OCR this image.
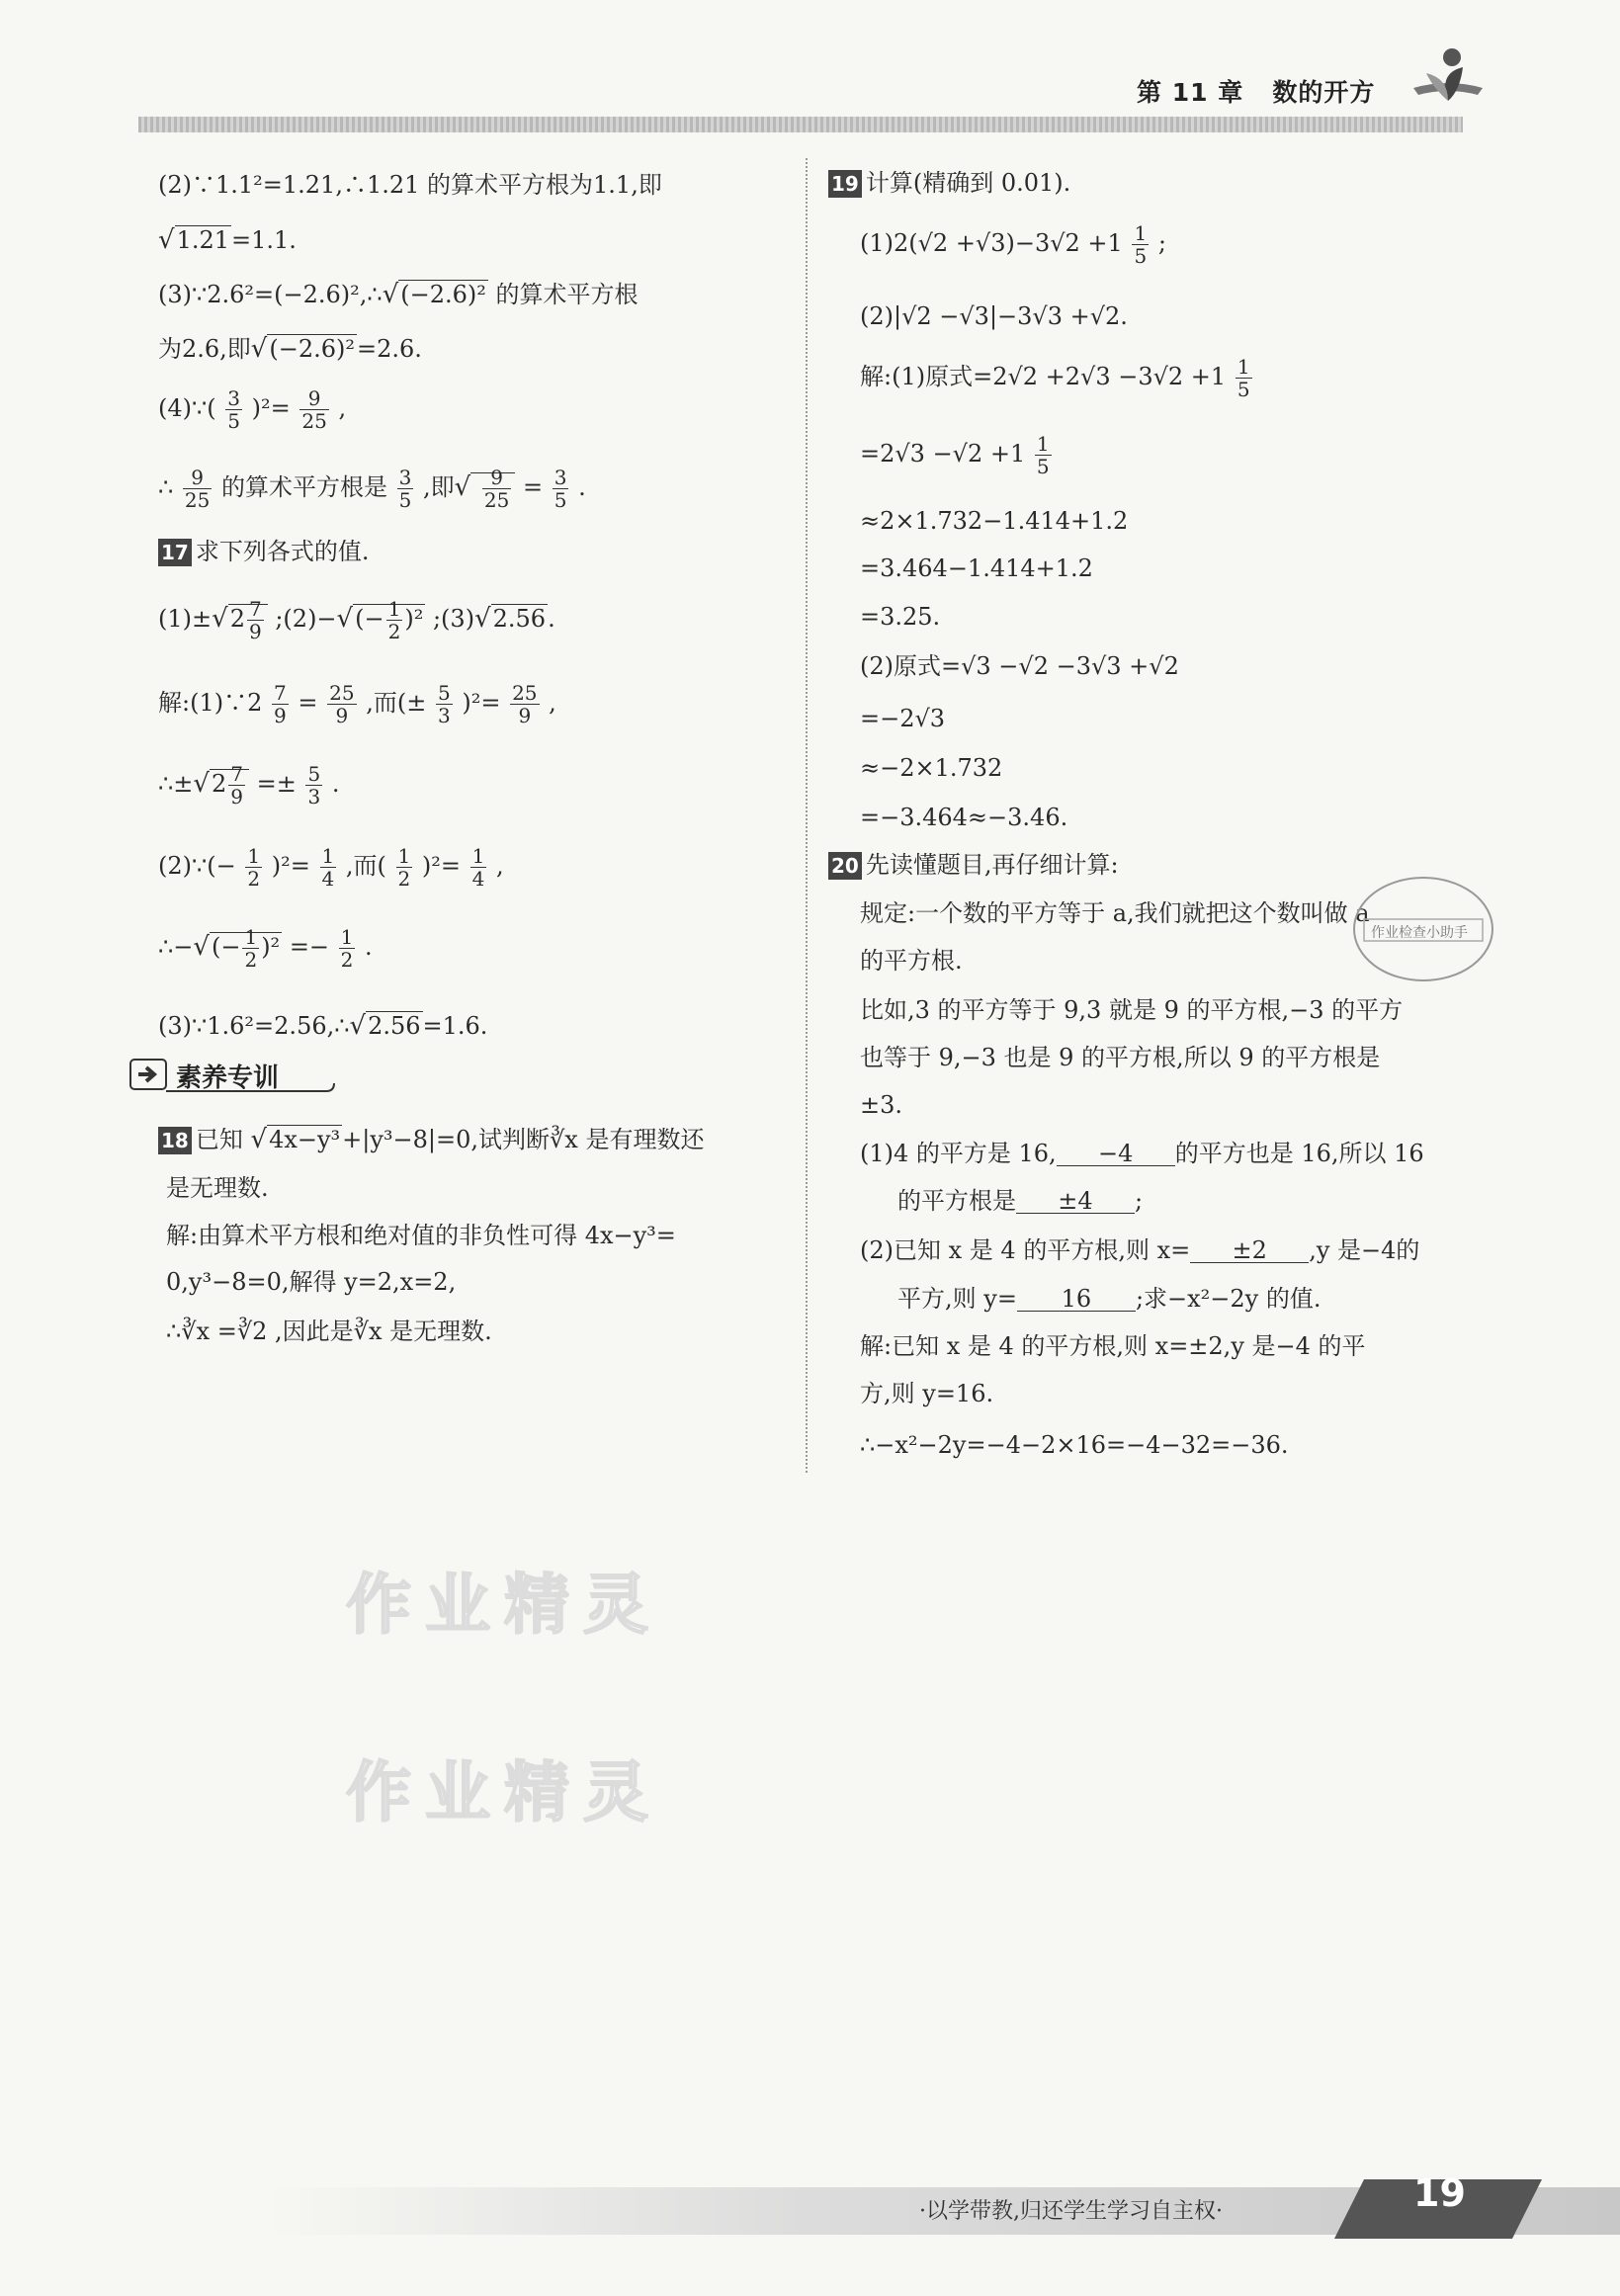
第 11 章 数的开方
作业精灵
作业精灵
(2)∵1.1²=1.21,∴1.21 的算术平方根为1.1,即
√1.21=1.1.
(3)∵2.6²=(−2.6)²,∴√(−2.6)² 的算术平方根
为2.6,即√(−2.6)²=2.6.
(4)∵( $\frac{3}{5} )^2= \frac{9}{25}$ ,
∴ $\frac{9}{25}$ 的算术平方根是 $\frac{3}{5}$ ,即√ $\frac{9}{25} = \frac{3}{5}$ .
17 求下列各式的值.
$(1)\pm√2 \frac{7}{9}$ ;(2)−√(− $\frac{1}{2} )^2$ ;(3)√2.56.
解:(1)∵2 $\frac{7}{9} = \frac{25}{9}$ ,而(± $\frac{5}{3} )^2= \frac{25}{9}$ ,
∴±√2 $\frac{7}{9} =\pm \frac{5}{3}$ .
(2)∵(− $\frac{1}{2} )^2= \frac{1}{4}$ ,而( $\frac{1}{2} )^2= \frac{1}{4}$ ,
∴−√(− $\frac{1}{2} )^2 =- \frac{1}{2}$ .
(3)∵1.6²=2.56,∴√2.56=1.6.
18 已知 √4x−y³+|y³−8|=0,试判断∛x 是有理数还
是无理数.
解:由算术平方根和绝对值的非负性可得 4x−y³=
0,y³−8=0,解得 y=2,x=2,
∴∛x =∛2 ,因此是∛x 是无理数.
素养专训
19 计算(精确到 0.01).
$(1)2(√2 +√3)-3√2 +1 \frac{1}{5}$ ;
(2)|√2 −√3|−3√3 +√2.
解:(1)原式$=2√2 +2√3 -3√2 +1 \frac{1}{5}$
$=2√3 -√2 +1 \frac{1}{5}$
≈2×1.732−1.414+1.2
=3.464−1.414+1.2
=3.25.
(2)原式=√3 −√2 −3√3 +√2
=−2√3
≈−2×1.732
=−3.464≈−3.46.
20 先读懂题目,再仔细计算:
规定:一个数的平方等于 a,我们就把这个数叫做 a
的平方根.
比如,3 的平方等于 9,3 就是 9 的平方根,−3 的平方
也等于 9,−3 也是 9 的平方根,所以 9 的平方根是
±3.
(1)4 的平方是 16, −4 的平方也是 16,所以 16
的平方根是 ±4 ;
(2)已知 x 是 4 的平方根,则 x= ±2 ,y 是−4的
平方,则 y= 16 ;求−x²−2y 的值.
解:已知 x 是 4 的平方根,则 x=±2,y 是−4 的平
方,则 y=16.
∴−x²−2y=−4−2×16=−4−32=−36.
作业检查小助手
·以学带教,归还学生学习自主权·	19
